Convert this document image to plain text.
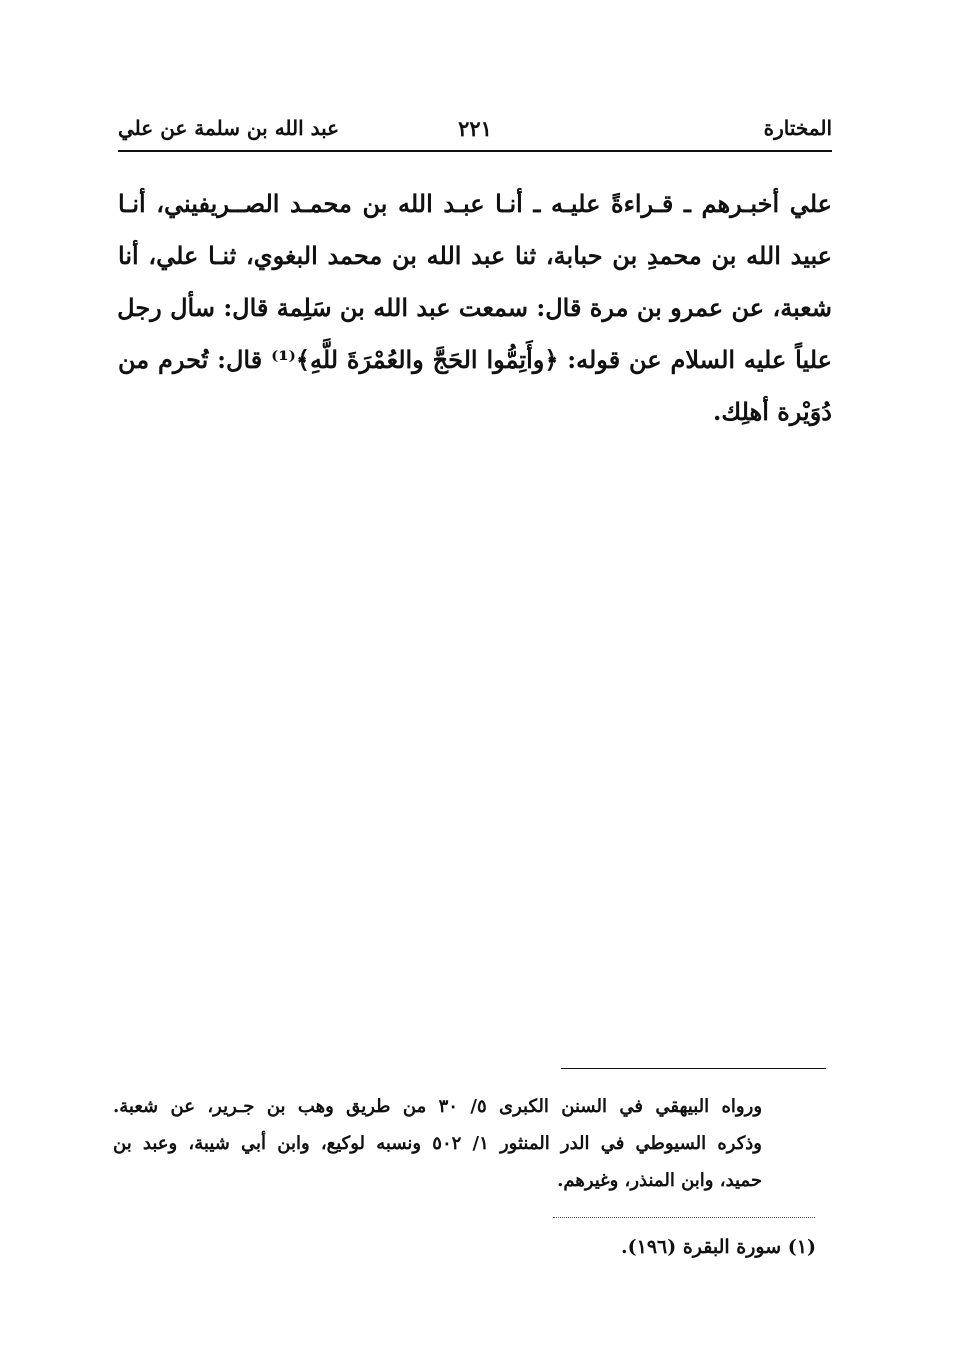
المختارة
٢٢١
عبد الله بن سلمة عن علي
علي أخبـرهم ـ قـراءةً عليـه ـ أنـا عبـد الله بن محمـد الصــريفيني، أنـا
عبيد الله بن محمدِ بن حبابة، ثنا عبد الله بن محمد البغوي، ثنـا علي، أنا
شعبة، عن عمرو بن مرة قال: سمعت عبد الله بن سَلِمة قال: سأل رجل
علياً عليه السلام عن قوله: ﴿وأَتِمُّوا الحَجَّ والعُمْرَةَ للَّهِ﴾⁽¹⁾ قال: تُحرم من
دُوَيْرة أهلِك.
ورواه البيهقي في السنن الكبرى ٥/ ٣٠ من طريق وهب بن جـرير، عن شعبة.
وذكره السيوطي في الدر المنثور ١/ ٥٠٢ ونسبه لوكيع، وابن أبي شيبة، وعبد بن
حميد، وابن المنذر، وغيرهم.
(١) سورة البقرة (١٩٦).
